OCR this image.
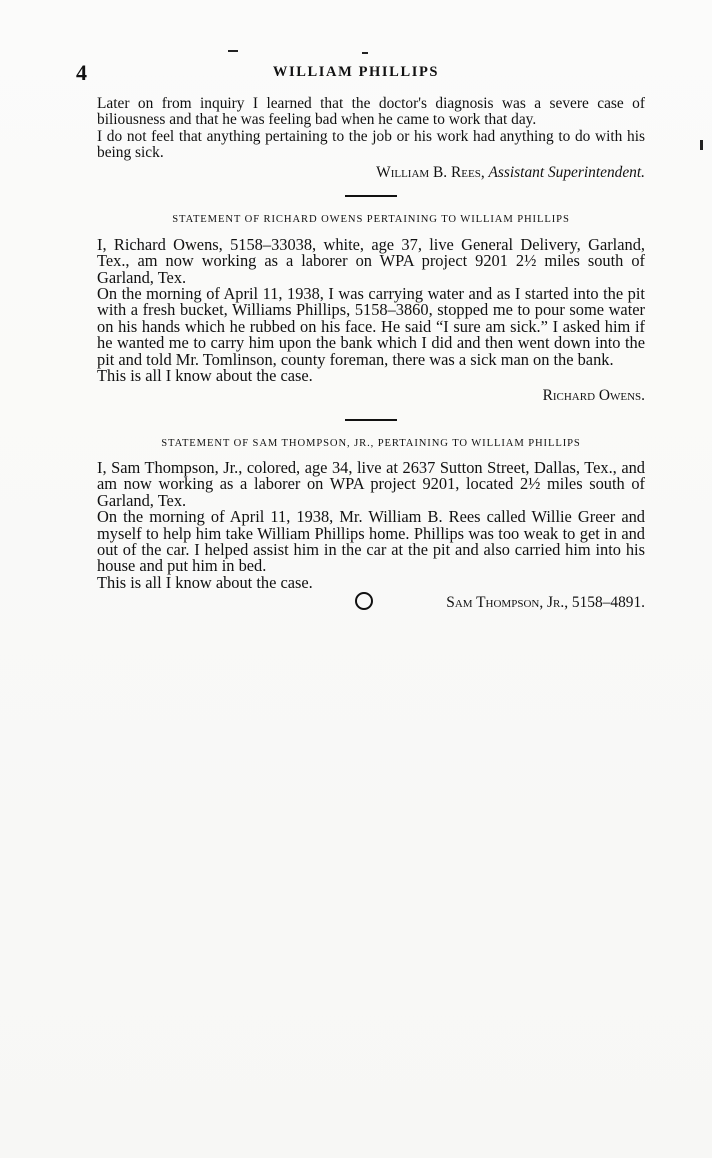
4	WILLIAM PHILLIPS

Later on from inquiry I learned that the doctor's diagnosis was a severe case of biliousness and that he was feeling bad when he came to work that day.

I do not feel that anything pertaining to the job or his work had anything to do with his being sick.

William B. Rees, Assistant Superintendent.
STATEMENT OF RICHARD OWENS PERTAINING TO WILLIAM PHILLIPS

I, Richard Owens, 5158–33038, white, age 37, live General Delivery, Garland, Tex., am now working as a laborer on WPA project 9201 2½ miles south of Garland, Tex.

On the morning of April 11, 1938, I was carrying water and as I started into the pit with a fresh bucket, Williams Phillips, 5158–3860, stopped me to pour some water on his hands which he rubbed on his face. He said “I sure am sick.” I asked him if he wanted me to carry him upon the bank which I did and then went down into the pit and told Mr. Tomlinson, county foreman, there was a sick man on the bank.

This is all I know about the case.

Richard Owens.
STATEMENT OF SAM THOMPSON, JR., PERTAINING TO WILLIAM PHILLIPS

I, Sam Thompson, Jr., colored, age 34, live at 2637 Sutton Street, Dallas, Tex., and am now working as a laborer on WPA project 9201, located 2½ miles south of Garland, Tex.

On the morning of April 11, 1938, Mr. William B. Rees called Willie Greer and myself to help him take William Phillips home. Phillips was too weak to get in and out of the car. I helped assist him in the car at the pit and also carried him into his house and put him in bed.

This is all I know about the case.

Sam Thompson, Jr., 5158–4891.
